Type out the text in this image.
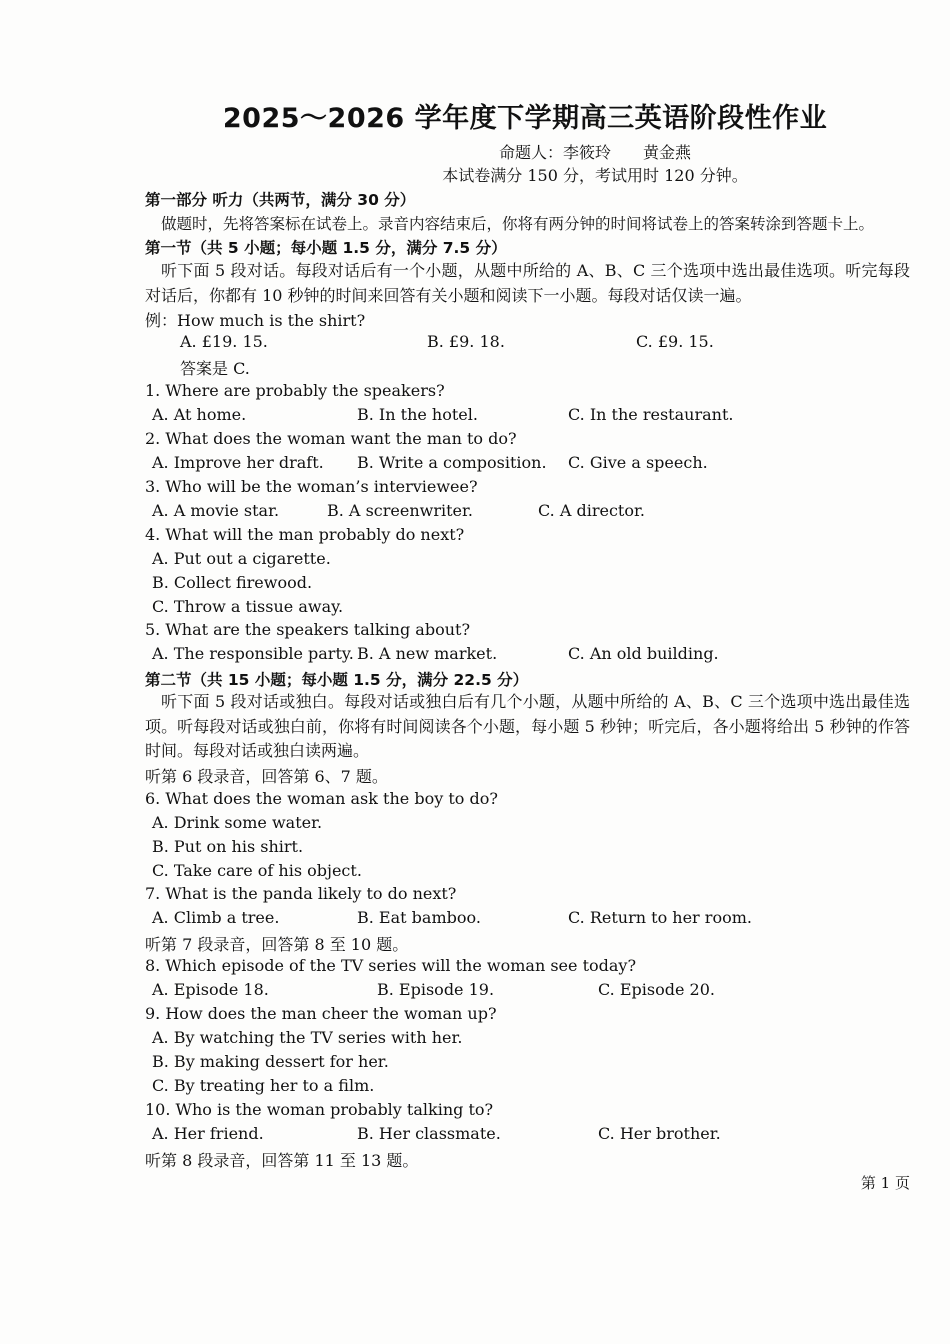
2025～2026 学年度下学期高三英语阶段性作业
命题人：李筱玲　　黄金燕
本试卷满分 150 分，考试用时 120 分钟。
第一部分 听力（共两节，满分 30 分）
做题时，先将答案标在试卷上。录音内容结束后，你将有两分钟的时间将试卷上的答案转涂到答题卡上。
第一节（共 5 小题；每小题 1.5 分，满分 7.5 分）
听下面 5 段对话。每段对话后有一个小题，从题中所给的 A、B、C 三个选项中选出最佳选项。听完每段对话后，你都有 10 秒钟的时间来回答有关小题和阅读下一小题。每段对话仅读一遍。
例：How much is the shirt?
A. £19. 15.	B. £9. 18.	C. £9. 15.
答案是 C.
1. Where are probably the speakers?
A. At home.	B. In the hotel.	C. In the restaurant.
2. What does the woman want the man to do?
A. Improve her draft. B. Write a composition. C. Give a speech.
3. Who will be the woman’s interviewee?
A. A movie star.	B. A screenwriter.	C. A director.
4. What will the man probably do next?
A. Put out a cigarette.
B. Collect firewood.
C. Throw a tissue away.
5. What are the speakers talking about?
A. The responsible party. B. A new market.	C. An old building.
第二节（共 15 小题；每小题 1.5 分，满分 22.5 分）
听下面 5 段对话或独白。每段对话或独白后有几个小题，从题中所给的 A、B、C 三个选项中选出最佳选项。听每段对话或独白前，你将有时间阅读各个小题，每小题 5 秒钟；听完后，各小题将给出 5 秒钟的作答时间。每段对话或独白读两遍。
听第 6 段录音，回答第 6、7 题。
6. What does the woman ask the boy to do?
A. Drink some water.
B. Put on his shirt.
C. Take care of his object.
7. What is the panda likely to do next?
A. Climb a tree.	B. Eat bamboo.	C. Return to her room.
听第 7 段录音，回答第 8 至 10 题。
8. Which episode of the TV series will the woman see today?
A. Episode 18.	B. Episode 19.	C. Episode 20.
9. How does the man cheer the woman up?
A. By watching the TV series with her.
B. By making dessert for her.
C. By treating her to a film.
10. Who is the woman probably talking to?
A. Her friend.	B. Her classmate.	C. Her brother.
听第 8 段录音，回答第 11 至 13 题。
第 1 页
